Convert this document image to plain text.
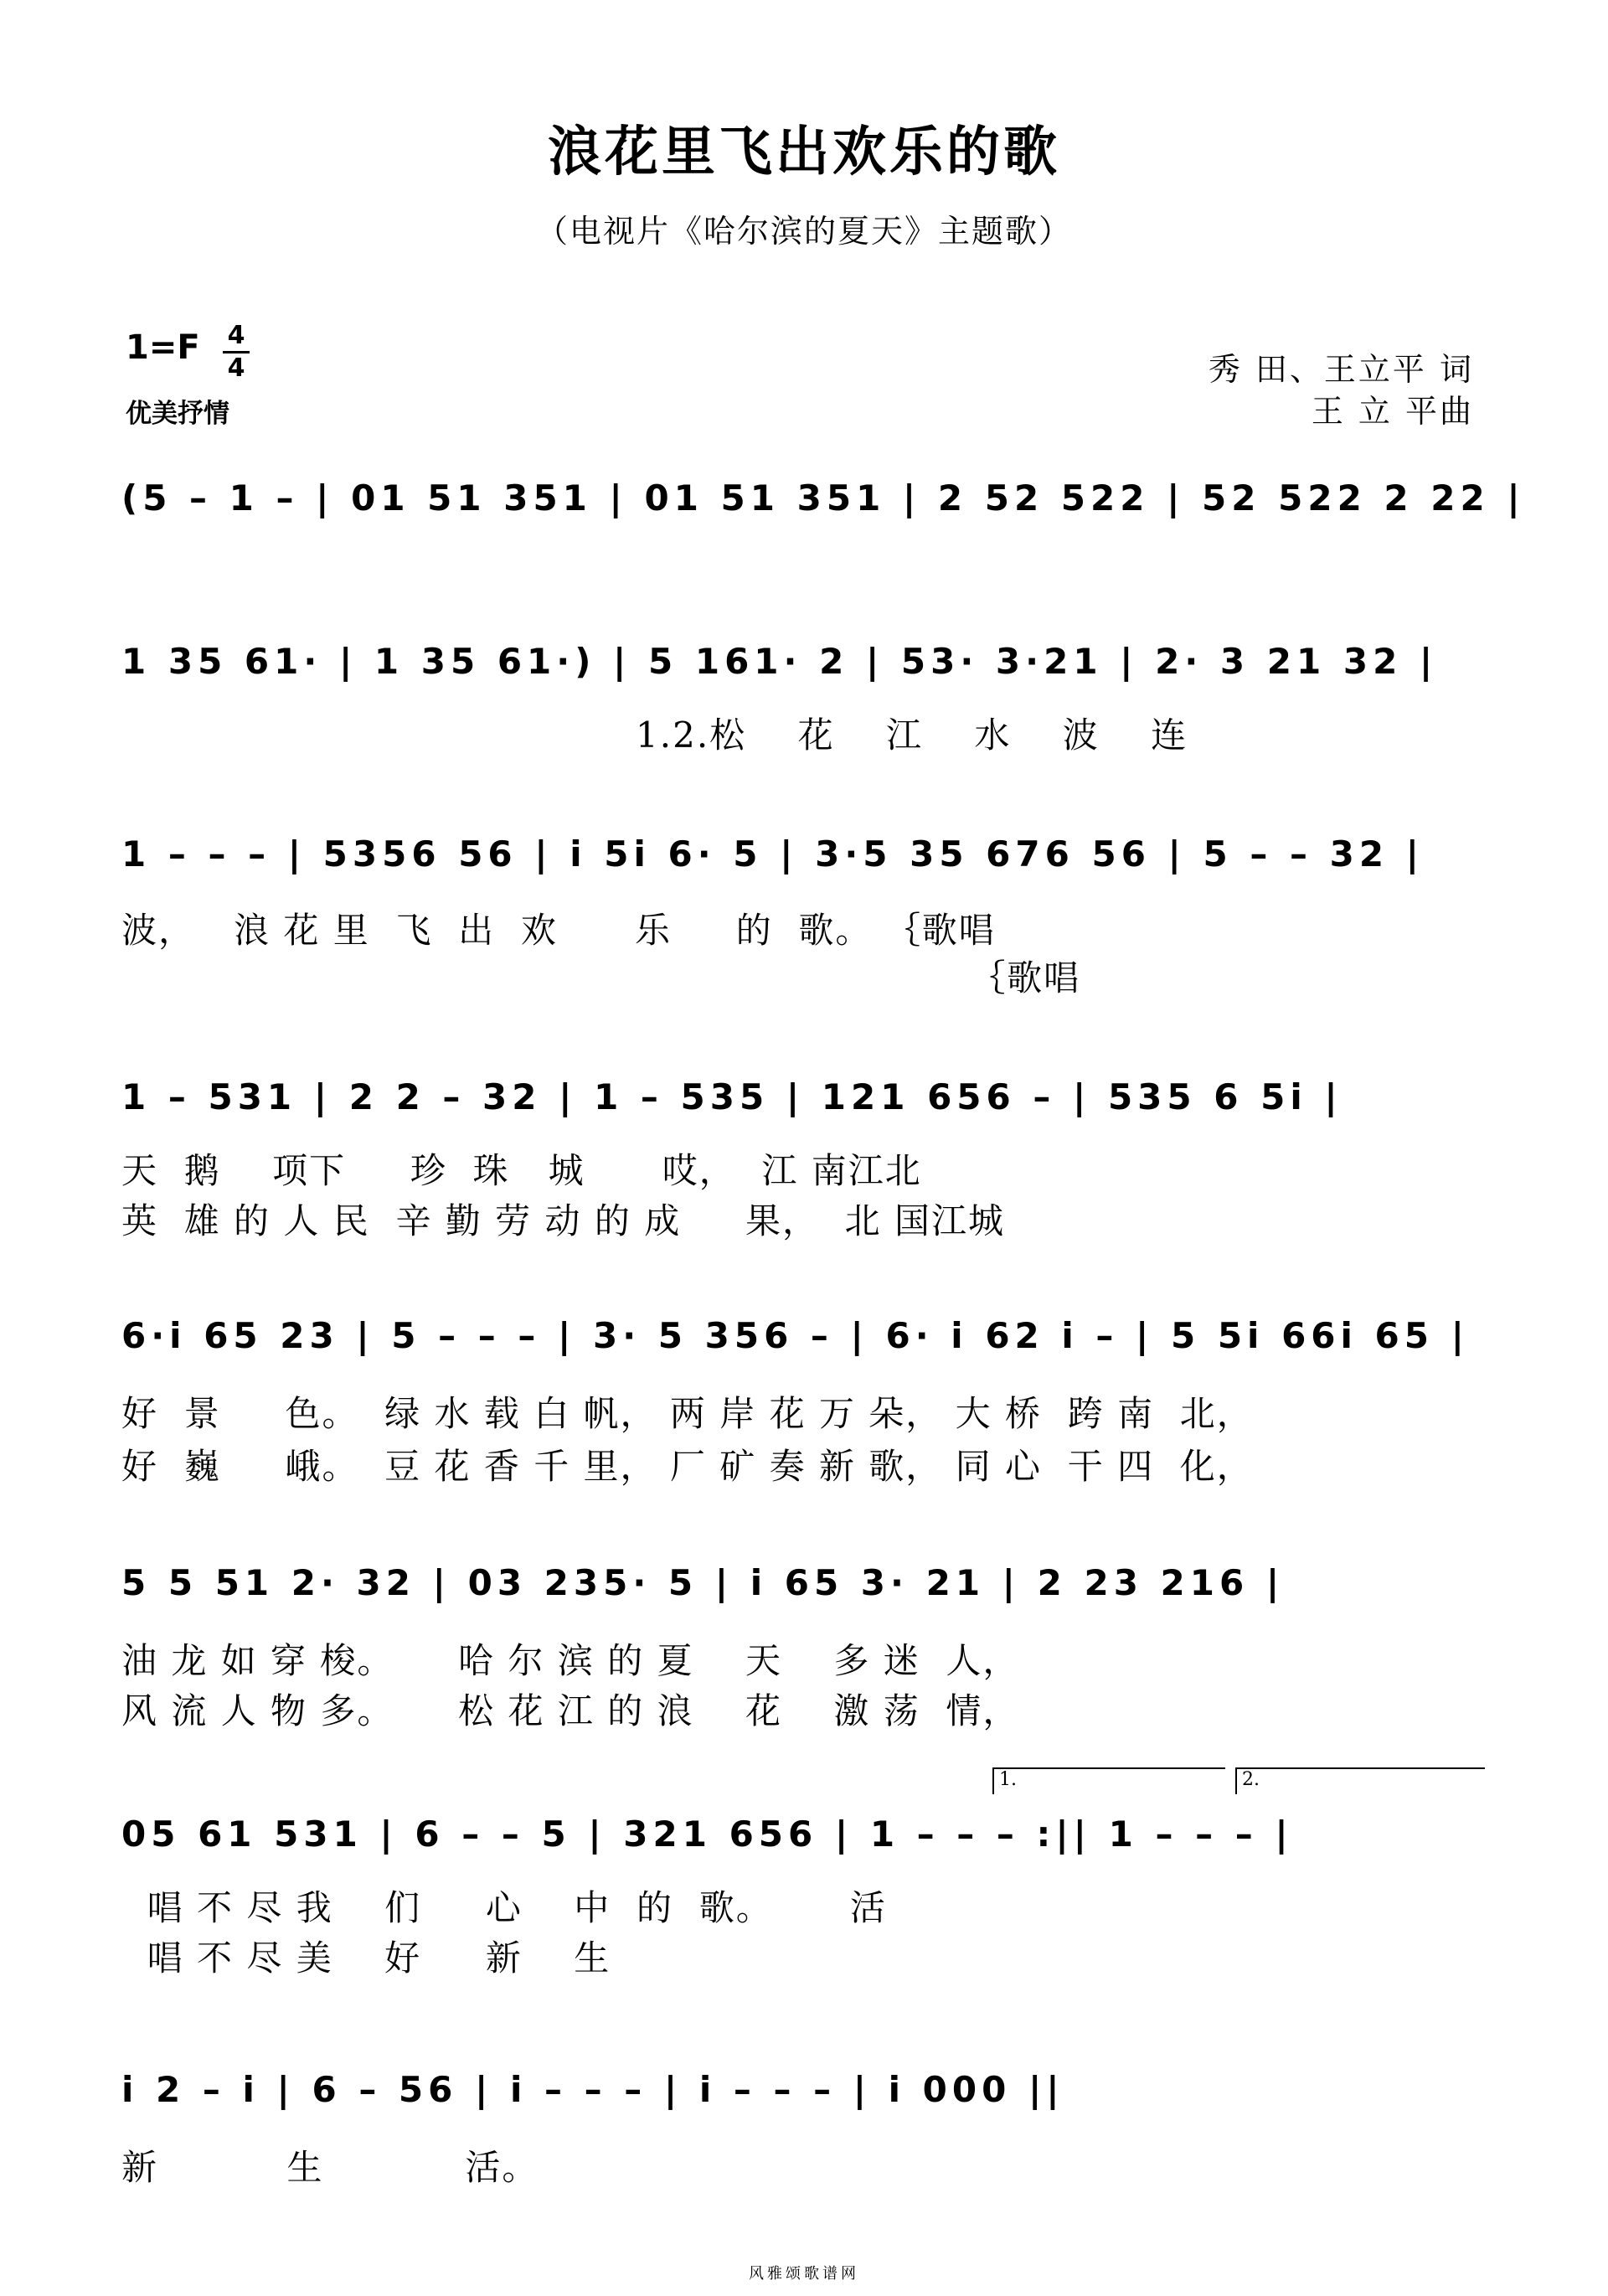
浪花里飞出欢乐的歌
（电视片《哈尔滨的夏天》主题歌）
1=F	4
4
优美抒情
秀 田、王立平 词
王 立 平曲
(5 – 1 – | 01 51 351 | 01 51 351 | 2 52 522 | 52 522 2 22 |
1 35 61· | 1 35 61·) | 5 161· 2 | 53· 3·21 | 2· 3 21 32 |
1.2.松    花    江    水    波    连
1 – – – | 5356 56 | i 5i 6· 5 | 3·5 35 676 56 | 5 – – 32 |
波，   浪 花 里  飞  出  欢      乐     的  歌。 ｛歌唱
｛歌唱
1 – 531 | 2 2 – 32 | 1 – 535 | 121 656 – | 535 6 5i |
天  鹅    项下     珍  珠   城      哎，  江 南江北
英  雄 的 人 民  辛 勤 劳 动 的 成     果，  北 国江城
6·i 65 23 | 5 – – – | 3· 5 356 – | 6· i 62 i – | 5 5i 66i 65 |
好  景     色。  绿 水 载 白 帆， 两 岸 花 万 朵， 大 桥  跨 南  北，
好  巍     峨。  豆 花 香 千 里， 厂 矿 奏 新 歌， 同 心  干 四  化，
5 5 51 2· 32 | 03 235· 5 | i 65 3· 21 | 2 23 216 |
油 龙 如 穿 梭。     哈 尔 滨 的 夏    天    多 迷  人，
风 流 人 物 多。     松 花 江 的 浪    花    激 荡  情，
1.	2.
05 61 531 | 6 – – 5 | 321 656 | 1 – – – :|| 1 – – – |
唱 不 尽 我    们     心    中  的  歌。      活
唱 不 尽 美    好     新    生
i 2 – i | 6 – 56 | i – – – | i – – – | i 000 ||
新          生           活。
风雅颂歌谱网
